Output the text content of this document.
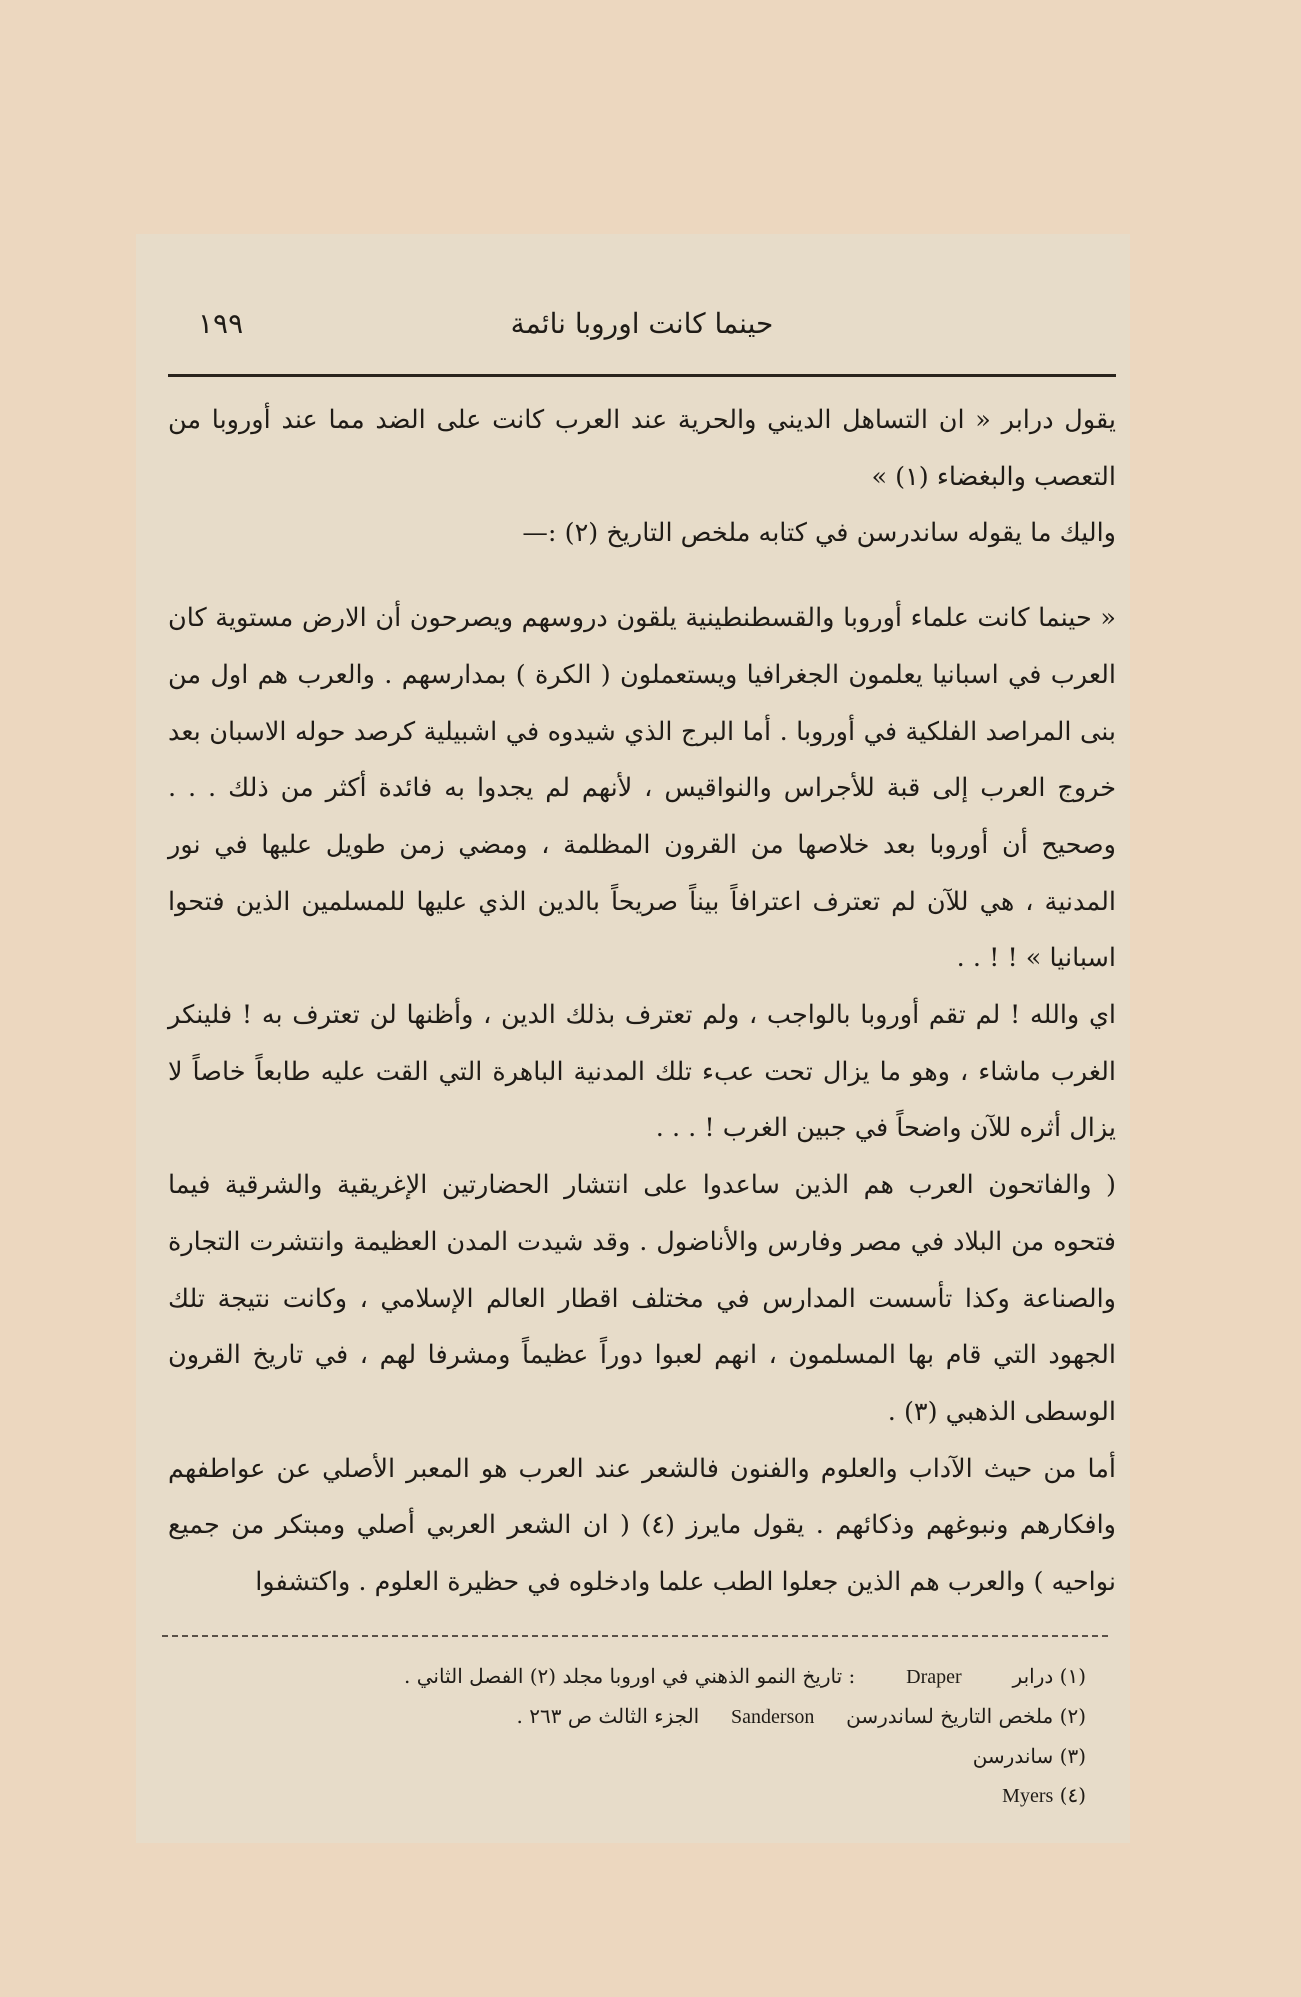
حينما كانت اوروبا نائمة
١٩٩

يقول درابر « ان التساهل الديني والحرية عند العرب كانت على الضد مما عند أوروبا من التعصب والبغضاء (١) »

واليك ما يقوله ساندرسن في كتابه ملخص التاريخ (٢) :—

« حينما كانت علماء أوروبا والقسطنطينية يلقون دروسهم ويصرحون أن الارض مستوية كان العرب في اسبانيا يعلمون الجغرافيا ويستعملون ( الكرة ) بمدارسهم . والعرب هم اول من بنى المراصد الفلكية في أوروبا . أما البرج الذي شيدوه في اشبيلية كرصد حوله الاسبان بعد خروج العرب إلى قبة للأجراس والنواقيس ، لأنهم لم يجدوا به فائدة أكثر من ذلك . . . وصحيح أن أوروبا بعد خلاصها من القرون المظلمة ، ومضي زمن طويل عليها في نور المدنية ، هي للآن لم تعترف اعترافاً بيناً صريحاً بالدين الذي عليها للمسلمين الذين فتحوا اسبانيا » ! ! . .

اي والله ! لم تقم أوروبا بالواجب ، ولم تعترف بذلك الدين ، وأظنها لن تعترف به ! فلينكر الغرب ماشاء ، وهو ما يزال تحت عبء تلك المدنية الباهرة التي القت عليه طابعاً خاصاً لا يزال أثره للآن واضحاً في جبين الغرب ! . . .

( والفاتحون العرب هم الذين ساعدوا على انتشار الحضارتين الإغريقية والشرقية فيما فتحوه من البلاد في مصر وفارس والأناضول . وقد شيدت المدن العظيمة وانتشرت التجارة والصناعة وكذا تأسست المدارس في مختلف اقطار العالم الإسلامي ، وكانت نتيجة تلك الجهود التي قام بها المسلمون ، انهم لعبوا دوراً عظيماً ومشرفا لهم ، في تاريخ القرون الوسطى الذهبي (٣) .

أما من حيث الآداب والعلوم والفنون فالشعر عند العرب هو المعبر الأصلي عن عواطفهم وافكارهم ونبوغهم وذكائهم . يقول مايرز (٤) ( ان الشعر العربي أصلي ومبتكر من جميع نواحيه ) والعرب هم الذين جعلوا الطب علما وادخلوه في حظيرة العلوم . واكتشفوا

(١) درابر        Draper        : تاريخ النمو الذهني في اوروبا مجلد (٢) الفصل الثاني .
(٢) ملخص التاريخ لساندرسن     Sanderson     الجزء الثالث ص ٢٦٣ .
(٣) ساندرسن
(٤) Myers
